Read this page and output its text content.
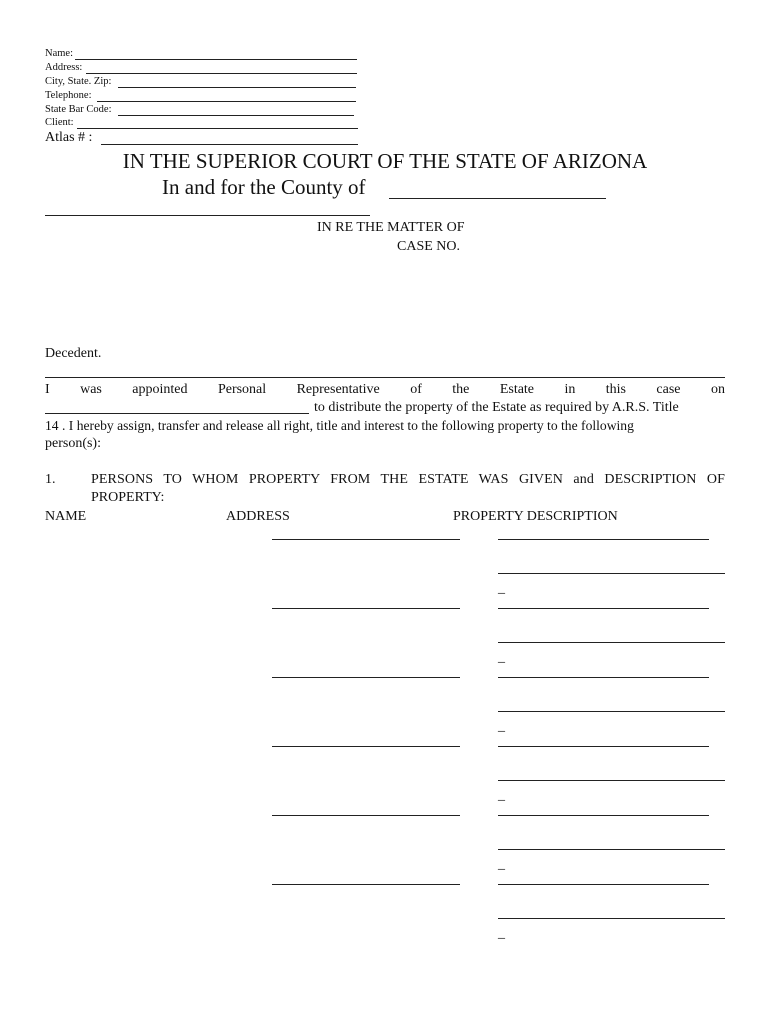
Name:
Address:
City, State. Zip:
Telephone:
State Bar Code:
Client:
Atlas # :
IN THE SUPERIOR COURT OF THE STATE OF ARIZONA
In and for the County of
IN RE THE MATTER OF
CASE NO.
Decedent.
I was appointed Personal Representative of the Estate in this case on
to distribute the property of the Estate as required by A.R.S. Title
14 . I hereby assign, transfer and release all right, title and interest to the following property to the following
person(s):
1.	PERSONS TO WHOM PROPERTY FROM THE ESTATE WAS GIVEN and DESCRIPTION OF
PROPERTY:
NAME	ADDRESS	PROPERTY DESCRIPTION
_
_
_
_
_
_
